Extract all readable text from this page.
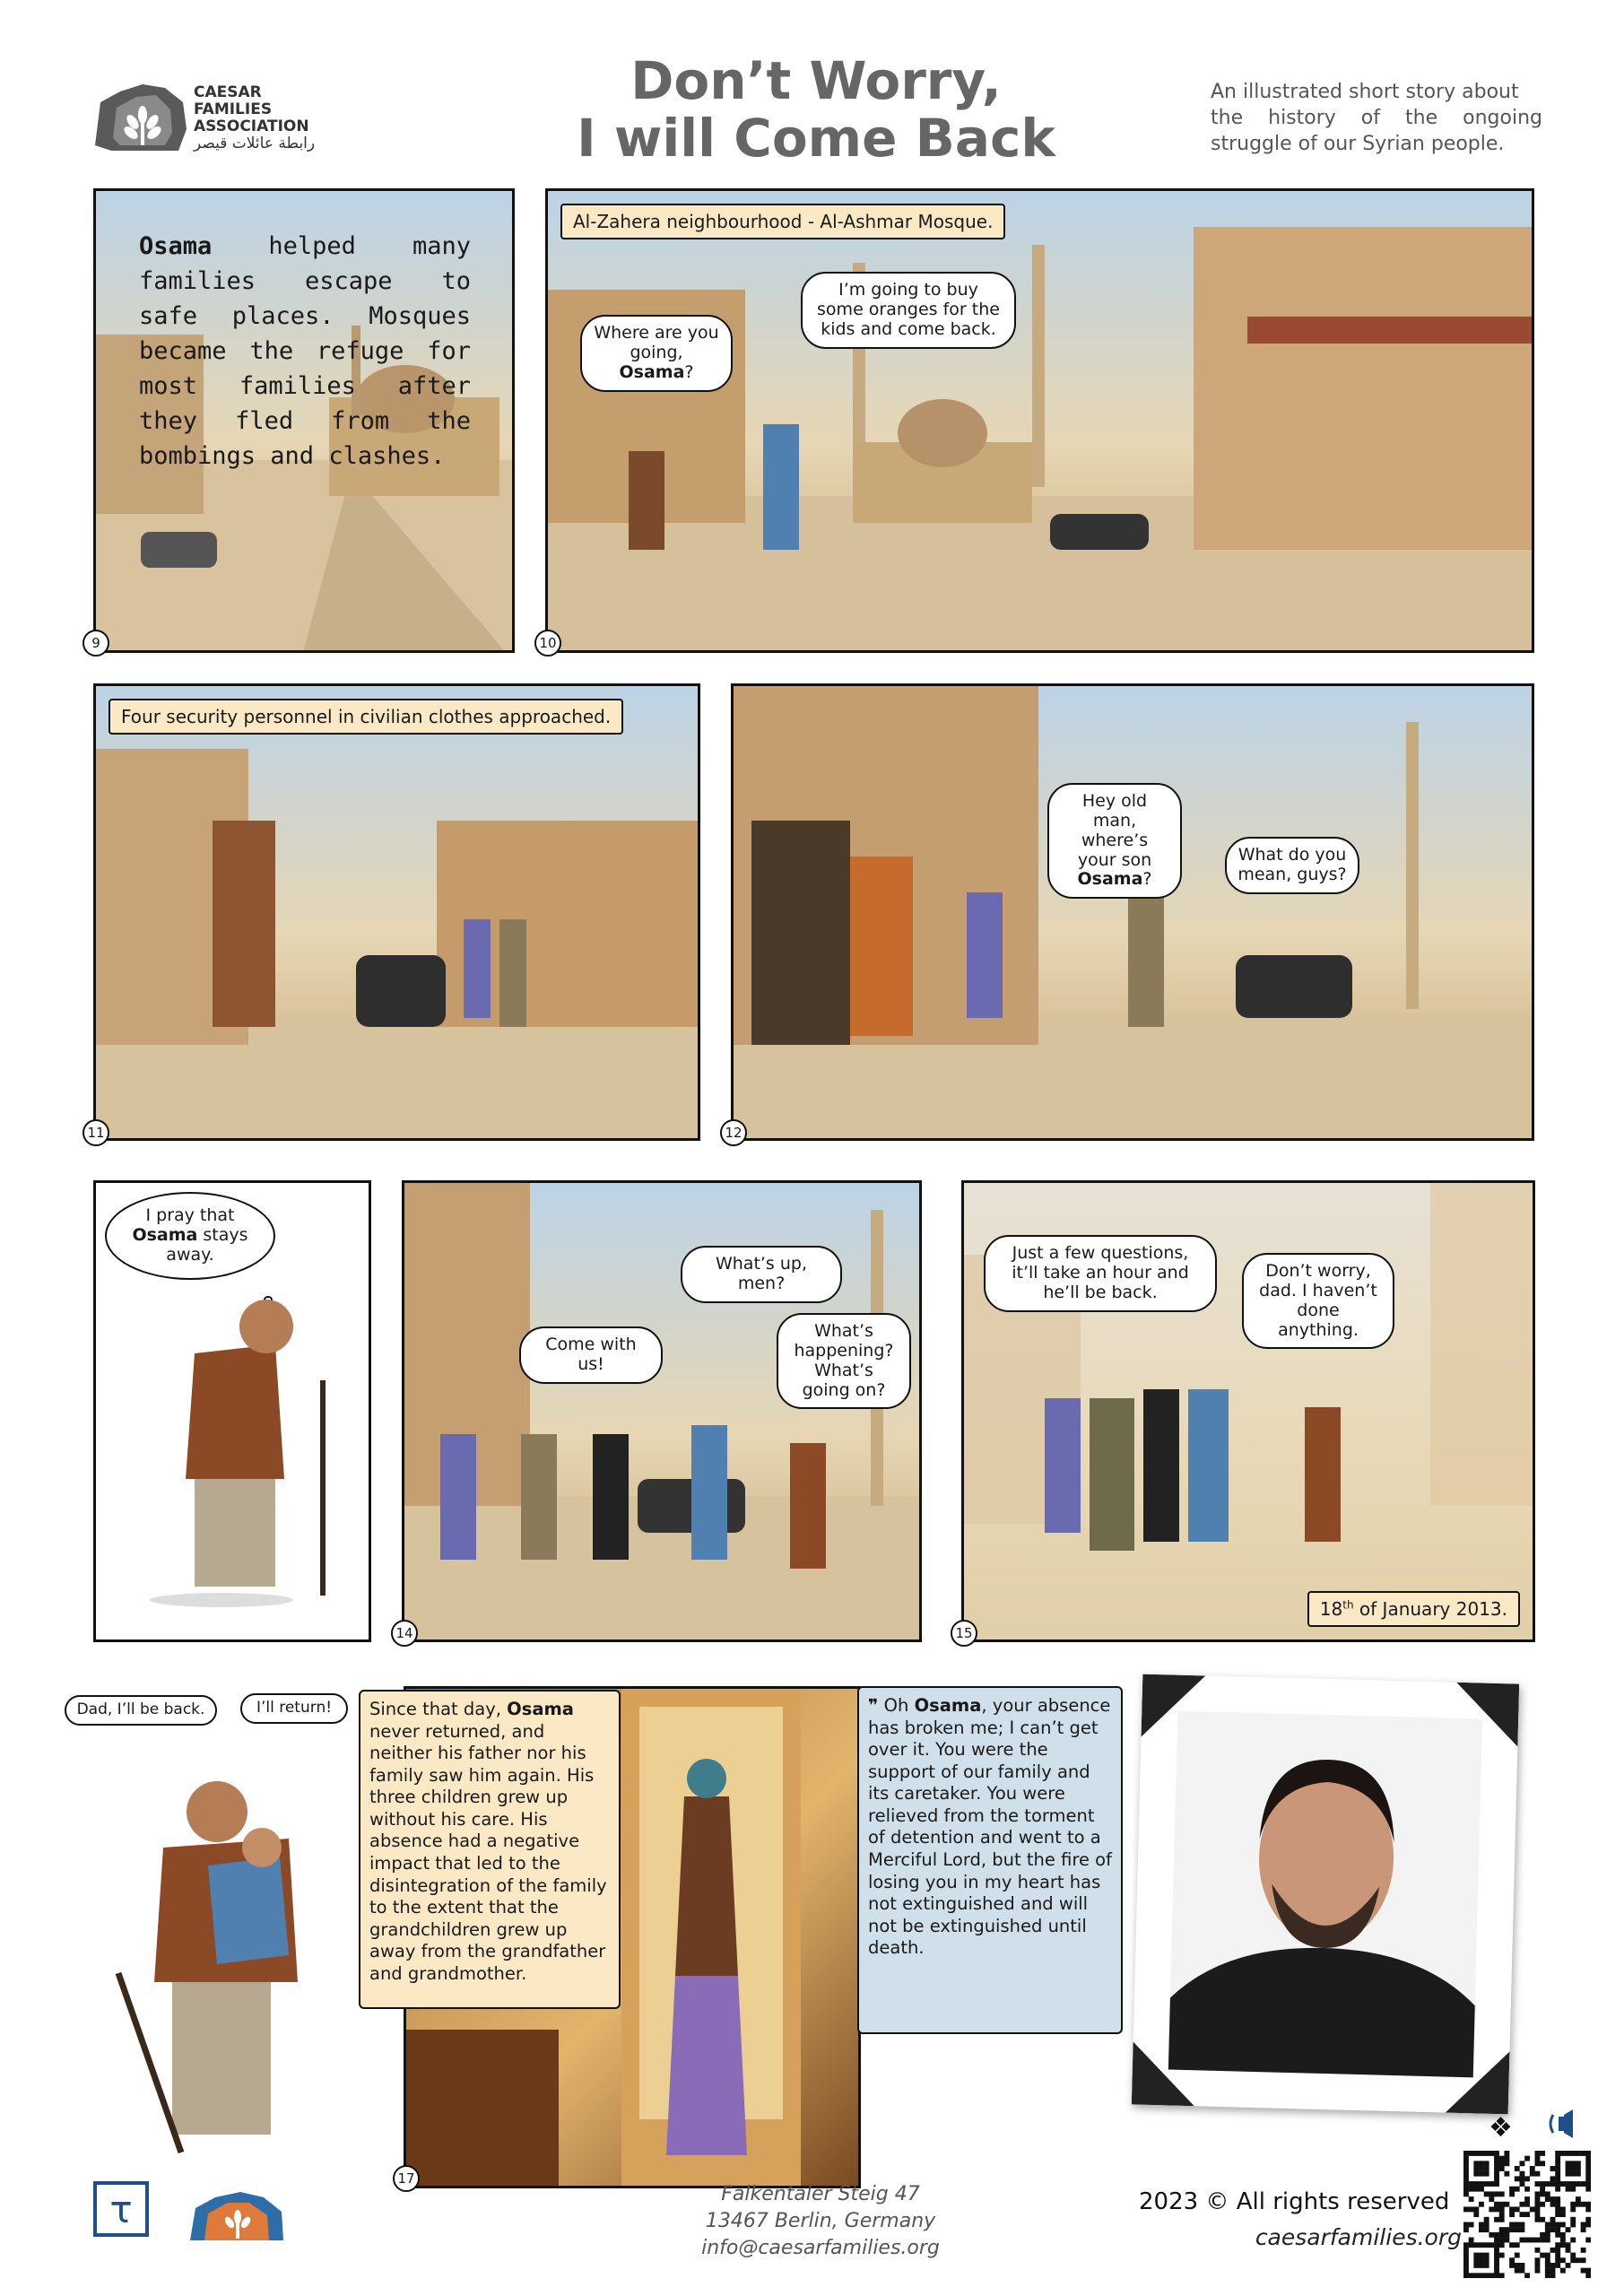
CAESAR
FAMILIES
ASSOCIATION
رابطة عائلات قيصر
Don’t Worry,
I will Come Back
An illustrated short story about
the history of the ongoing
struggle of our Syrian people.
Osama helped many families escape to safe places. Mosques became the refuge for most families after they fled from the bombings and clashes.
9
Al-Zahera neighbourhood - Al-Ashmar Mosque.
Where are you going, Osama?
I’m going to buy some oranges for the kids and come back.
10
Four security personnel in civilian clothes approached.
11
Hey old man, where’s your son Osama?
What do you mean, guys?
12
I pray that Osama stays away.	What’s up, men?
Come with us!
What’s happening? What’s going on?
14
Just a few questions, it’ll take an hour and he’ll be back.
Don’t worry, dad. I haven’t done anything.
18th of January 2013.
15
Dad, I’ll be back.	I’ll return!
17
Since that day, Osama never returned, and neither his father nor his family saw him again. His three children grew up without his care. His absence had a negative impact that led to the disintegration of the family to the extent that the grandchildren grew up away from the grandfather and grandmother.
❞ Oh Osama, your absence has broken me; I can’t get over it. You were the support of our family and its caretaker. You were relieved from the torment of detention and went to a Merciful Lord, but the fire of losing you in my heart has not extinguished and will not be extinguished until death.
τ	Falkentaler Steig 47
13467 Berlin, Germany
info@caesarfamilies.org
2023 © All rights reserved
caesarfamilies.org
❖
